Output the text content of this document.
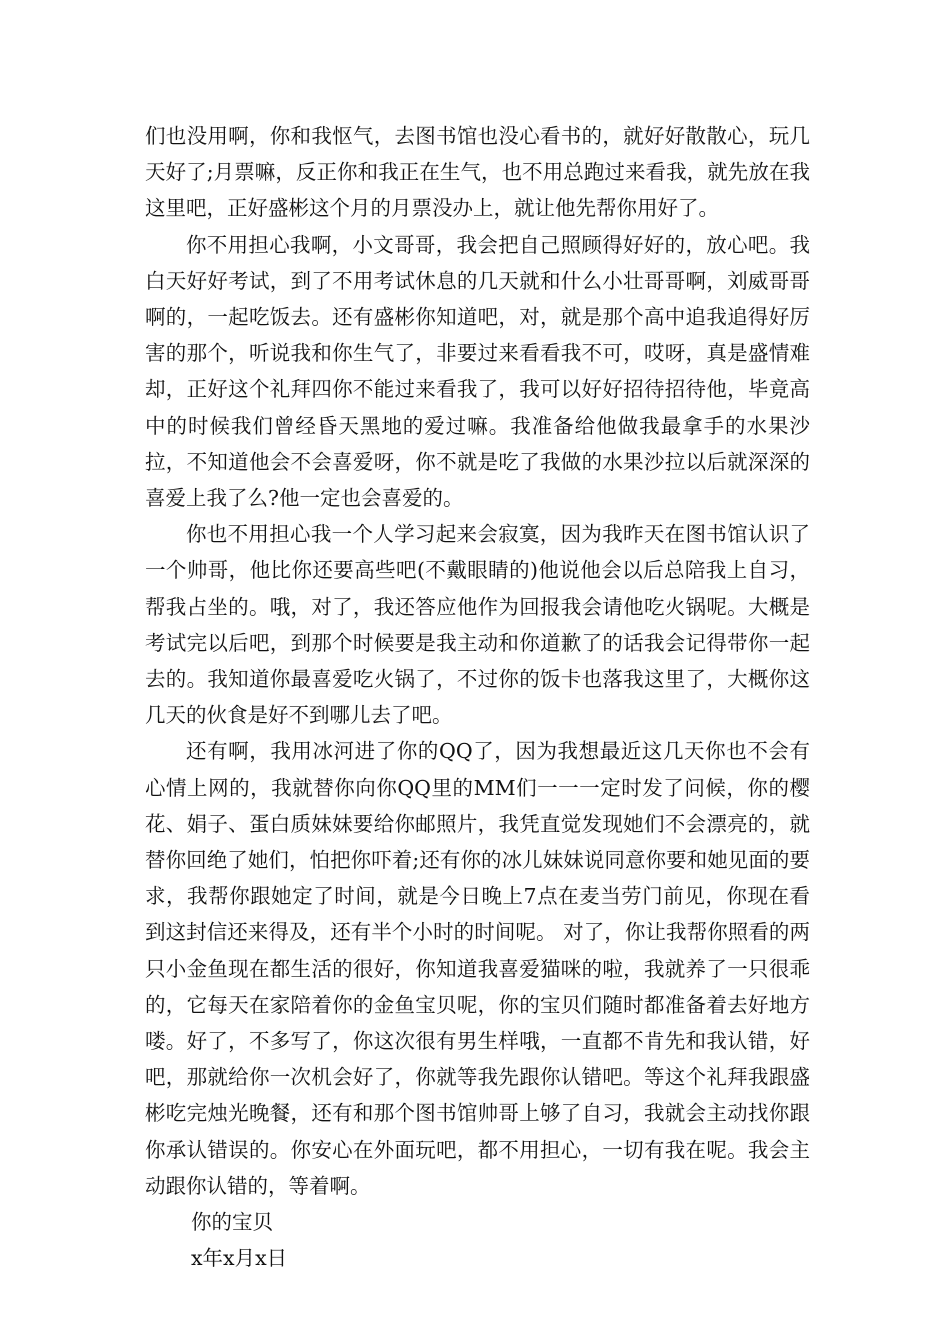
们也没用啊，你和我怄气，去图书馆也没心看书的，就好好散散心，玩几天好了;月票嘛，反正你和我正在生气，也不用总跑过来看我，就先放在我这里吧，正好盛彬这个月的月票没办上，就让他先帮你用好了。

你不用担心我啊，小文哥哥，我会把自己照顾得好好的，放心吧。我白天好好考试，到了不用考试休息的几天就和什么小壮哥哥啊，刘威哥哥啊的，一起吃饭去。还有盛彬你知道吧，对，就是那个高中追我追得好厉害的那个，听说我和你生气了，非要过来看看我不可，哎呀，真是盛情难却，正好这个礼拜四你不能过来看我了，我可以好好招待招待他，毕竟高中的时候我们曾经昏天黑地的爱过嘛。我准备给他做我最拿手的水果沙拉，不知道他会不会喜爱呀，你不就是吃了我做的水果沙拉以后就深深的喜爱上我了么?他一定也会喜爱的。

你也不用担心我一个人学习起来会寂寞，因为我昨天在图书馆认识了一个帅哥，他比你还要高些吧(不戴眼睛的)他说他会以后总陪我上自习，帮我占坐的。哦，对了，我还答应他作为回报我会请他吃火锅呢。大概是考试完以后吧，到那个时候要是我主动和你道歉了的话我会记得带你一起去的。我知道你最喜爱吃火锅了，不过你的饭卡也落我这里了，大概你这几天的伙食是好不到哪儿去了吧。

还有啊，我用冰河进了你的QQ了，因为我想最近这几天你也不会有心情上网的，我就替你向你QQ里的MM们一一一定时发了问候，你的樱花、娟子、蛋白质妹妹要给你邮照片，我凭直觉发现她们不会漂亮的，就替你回绝了她们，怕把你吓着;还有你的冰儿妹妹说同意你要和她见面的要求，我帮你跟她定了时间，就是今日晚上7点在麦当劳门前见，你现在看到这封信还来得及，还有半个小时的时间呢。 对了，你让我帮你照看的两只小金鱼现在都生活的很好，你知道我喜爱猫咪的啦，我就养了一只很乖的，它每天在家陪着你的金鱼宝贝呢，你的宝贝们随时都准备着去好地方喽。好了，不多写了，你这次很有男生样哦，一直都不肯先和我认错，好吧，那就给你一次机会好了，你就等我先跟你认错吧。等这个礼拜我跟盛彬吃完烛光晚餐，还有和那个图书馆帅哥上够了自习，我就会主动找你跟你承认错误的。你安心在外面玩吧，都不用担心，一切有我在呢。我会主动跟你认错的，等着啊。

你的宝贝

x年x月x日
